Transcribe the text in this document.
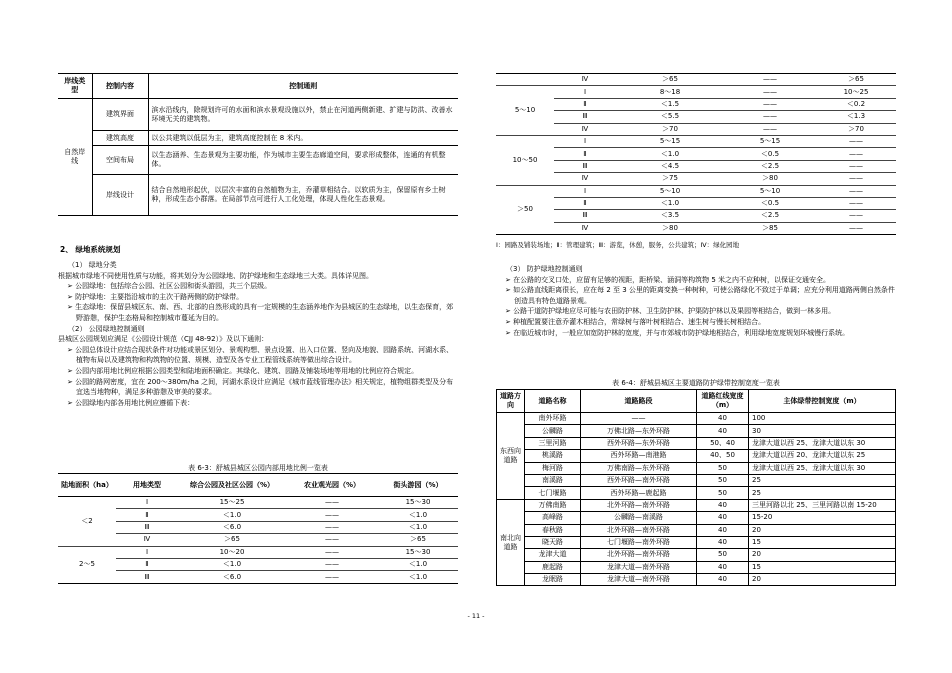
岸线类型	控制内容	控制通则
自然岸线	建筑界面	滨水沿线内，除规划许可的水面和滨水景观设施以外，禁止在河道两侧新建、扩建与防洪、改善水环境无关的建筑物。
	建筑高度	以公共建筑以低层为主，建筑高度控制在 8 米内。
	空间布局	以生态涵养、生态景观为主要功能，作为城市主要生态廊道空间，要求形成整体，连通的有机整体。
	岸线设计	结合自然地形起伏，以层次丰富的自然植物为主，乔灌草相结合。以软质为主，保留原有乡土树种，形成生态小群落。在局部节点可进行人工化处理，体现人性化生态景观。
2、 绿地系统规划

（1） 绿地分类

根据城市绿地不同使用性质与功能，将其划分为公园绿地、防护绿地和生态绿地三大类。具体详见图。

➢ 公园绿地：包括综合公园、社区公园和街头游园，共三个层级。

➢ 防护绿地：主要指沿城市的主次干路两侧的防护绿带。

➢ 生态绿地：保留县城区东、南、西、北部的自然形成的具有一定规模的生态涵养地作为县城区的生态绿地，以生态保育，郊野游憩，保护生态格局和控制城市蔓延为目的。

（2） 公园绿地控制通则

县城区公园规划应满足《公园设计规范（CJJ 48-92）》及以下通则：

➢ 公园总体设计应结合现状条件对功能或景区划分、景观构想、景点设置、出入口位置、竖向及地貌、园路系统、河湖水系、植物布局以及建筑物和构筑物的位置、规模、造型及各专业工程管线系统等做出综合设计。

➢ 公园内部用地比例应根据公园类型和陆地面积确定。其绿化、建筑、园路及铺装场地等用地的比例应符合规定。

➢ 公园的路网密度，宜在 200～380m/ha 之间，河湖水系设计应满足《城市蓝线管理办法》相关规定，植物组群类型及分布宜选当地物种，满足多种游憩及审美的要求。

➢ 公园绿地内部各用地比例应遵循下表：

表 6-3：舒城县城区公园内部用地比例一览表
陆地面积（ha）	用地类型	综合公园及社区公园（%）	农业观光园（%）	街头游园（%）
＜2	Ⅰ	15～25	——	15～30
	Ⅱ	＜1.0	——	＜1.0
	Ⅲ	＜6.0	——	＜1.0
	Ⅳ	＞65	——	＞65
2～5	Ⅰ	10～20	——	15～30
	Ⅱ	＜1.0	——	＜1.0
	Ⅲ	＜6.0	——	＜1.0
	Ⅳ	＞65	——	＞65
5～10	Ⅰ	8～18	——	10～25
	Ⅱ	＜1.5	——	＜0.2
	Ⅲ	＜5.5	——	＜1.3
	Ⅳ	＞70	——	＞70
10～50	Ⅰ	5～15	5～15	——
	Ⅱ	＜1.0	＜0.5	——
	Ⅲ	＜4.5	＜2.5	——
	Ⅳ	＞75	＞80	——
＞50	Ⅰ	5～10	5～10	——
	Ⅱ	＜1.0	＜0.5	——
	Ⅲ	＜3.5	＜2.5	——
	Ⅳ	＞80	＞85	——
Ⅰ：园路及铺装场地；Ⅱ：管理建筑；Ⅲ：游览，休憩，服务，公共建筑；Ⅳ：绿化园地

（3） 防护绿地控制通则

➢ 在公路的交叉口处，应留有足够的视距，距桥梁、涵洞等构筑物 5 米之内不应种树，以保证交通安全。

➢ 如公路直线距离很长，应在每 2 至 3 公里的距离变换一种树种，可使公路绿化不致过于单调；应充分利用道路两侧自然条件创造具有特色道路景观。

➢ 公路干道防护绿地应尽可能与农田防护林、卫生防护林、护渠防护林以及果园等相结合，做到一林多用。

➢ 种植配置要注意乔灌木相结合，常绿树与落叶树相结合、速生树与慢长树相结合。

➢ 在临近城市时，一般应加宽防护林的宽度，并与市郊城市防护绿地相结合，利用绿地宽度规划环城慢行系统。

表 6-4：舒城县城区主要道路防护绿带控制宽度一览表
道路方向	道路名称	道路路段	道路红线宽度（m）	主体绿带控制宽度（m）
东西向道路	南外环路	——	40	100
	公麟路	万佛北路—东外环路	40	30
	三里河路	西外环路—东外环路	50、40	龙津大道以西 25、龙津大道以东 30
	桃溪路	西外环路—南港路	40、50	龙津大道以西 20、龙津大道以东 25
	梅河路	万佛南路—东外环路	50	龙津大道以西 25、龙津大道以东 30
	南溪路	西外环路—南外环路	50	25
	七门堰路	西外环路—鹿起路	50	25
南北向道路	万佛南路	北外环路—南外环路	40	三里河路以北 25、三里河路以南 15-20
	高峰路	公麟路—南溪路	40	15-20
	春秋路	北外环路—南外环路	40	20
	晓天路	七门堰路—南外环路	40	15
	龙津大道	北外环路—南外环路	50	20
	鹿起路	龙津大道—南外环路	40	15
	龙眠路	龙津大道—南外环路	40	20
- 11 -
